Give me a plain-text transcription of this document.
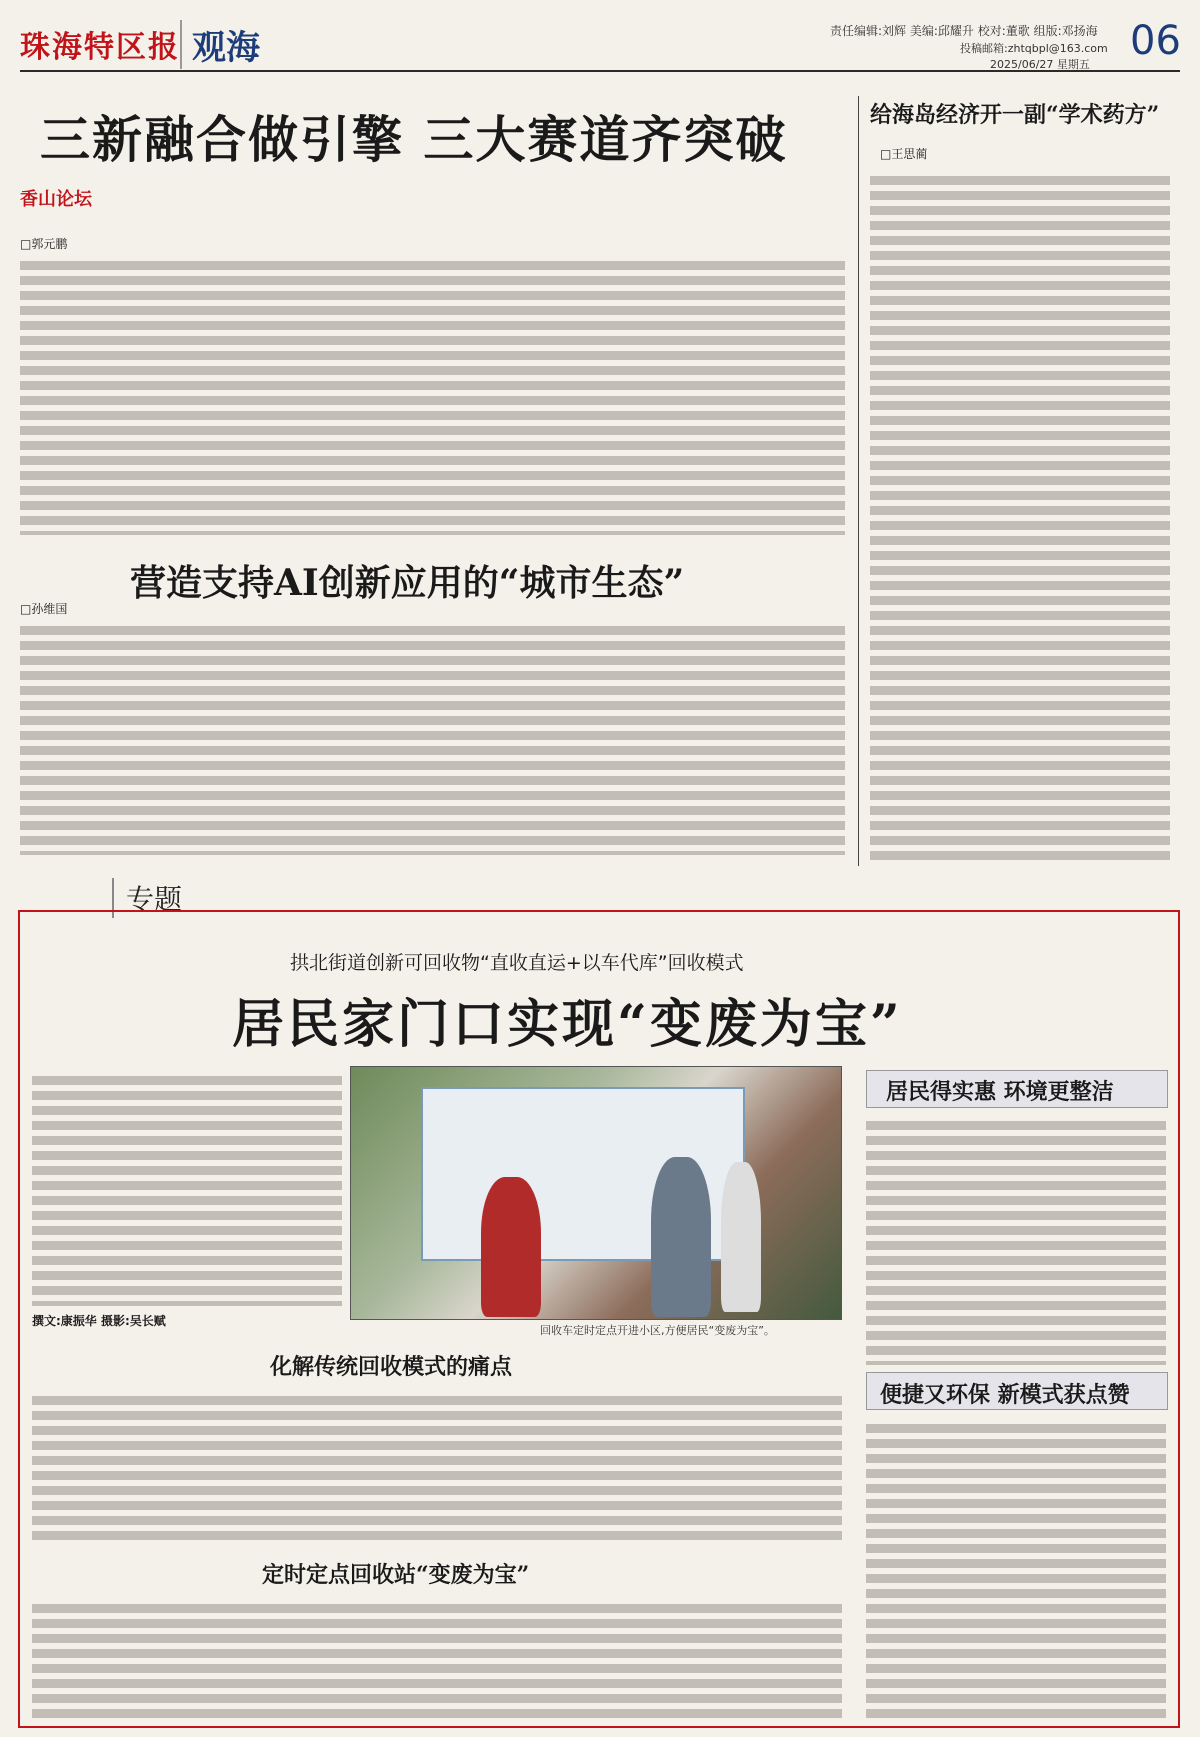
珠海特区报 观海	责任编辑:刘辉 美编:邱耀升 校对:董歌 组版:邓扬海
投稿邮箱:zhtqbpl@163.com
2025/06/27 星期五
06
三新融合做引擎 三大赛道齐突破	给海岛经济开一副“学术药方”
□王思蔺
香山论坛
□郭元鹏
营造支持AI创新应用的“城市生态”
□孙维国
专题
拱北街道创新可回收物“直收直运+以车代库”回收模式
居民家门口实现“变废为宝”
回收车定时定点开进小区,方便居民“变废为宝”。
撰文:康振华 摄影:吴长赋
化解传统回收模式的痛点
定时定点回收站“变废为宝”
居民得实惠 环境更整洁
便捷又环保 新模式获点赞
